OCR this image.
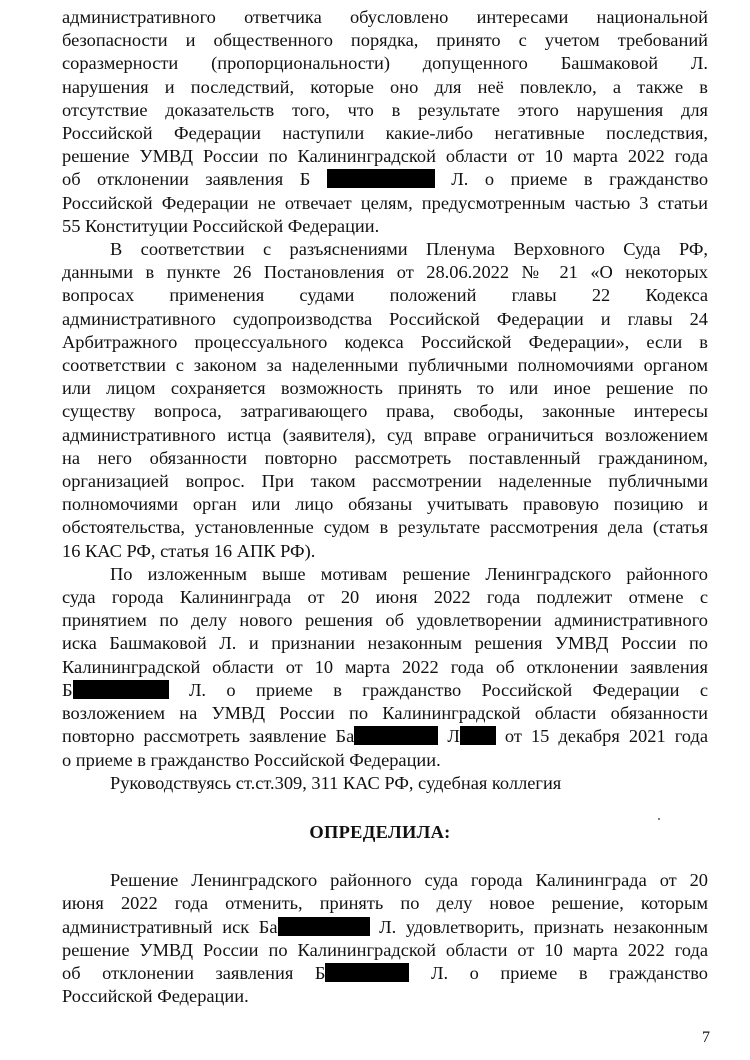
административного ответчика обусловлено интересами национальной
безопасности и общественного порядка, принято с учетом требований
соразмерности (пропорциональности) допущенного Башмаковой Л.
нарушения и последствий, которые оно для неё повлекло, а также в
отсутствие доказательств того, что в результате этого нарушения для
Российской Федерации наступили какие-либо негативные последствия,
решение УМВД России по Калининградской области от 10 марта 2022 года
об отклонении заявления Б	Л. о приеме в гражданство
Российской Федерации не отвечает целям, предусмотренным частью 3 статьи
55 Конституции Российской Федерации.
В соответствии с разъяснениями Пленума Верховного Суда РФ,
данными в пункте 26 Постановления от 28.06.2022 № 21 «О некоторых
вопросах применения судами положений главы 22 Кодекса
административного судопроизводства Российской Федерации и главы 24
Арбитражного процессуального кодекса Российской Федерации», если в
соответствии с законом за наделенными публичными полномочиями органом
или лицом сохраняется возможность принять то или иное решение по
существу вопроса, затрагивающего права, свободы, законные интересы
административного истца (заявителя), суд вправе ограничиться возложением
на него обязанности повторно рассмотреть поставленный гражданином,
организацией вопрос. При таком рассмотрении наделенные публичными
полномочиями орган или лицо обязаны учитывать правовую позицию и
обстоятельства, установленные судом в результате рассмотрения дела (статья
16 КАС РФ, статья 16 АПК РФ).
По изложенным выше мотивам решение Ленинградского районного
суда города Калининграда от 20 июня 2022 года подлежит отмене с
принятием по делу нового решения об удовлетворении административного
иска Башмаковой Л. и признании незаконным решения УМВД России по
Калининградской области от 10 марта 2022 года об отклонении заявления
Б	Л. о приеме в гражданство Российской Федерации с
возложением на УМВД России по Калининградской области обязанности
повторно рассмотреть заявление Ба	Л от 15 декабря 2021 года
о приеме в гражданство Российской Федерации.
Руководствуясь ст.ст.309, 311 КАС РФ, судебная коллегия
ОПРЕДЕЛИЛА:
Решение Ленинградского районного суда города Калининграда от 20
июня 2022 года отменить, принять по делу новое решение, которым
административный иск Ба	Л. удовлетворить, признать незаконным
решение УМВД России по Калининградской области от 10 марта 2022 года
об отклонении заявления Б	Л. о приеме в гражданство
Российской Федерации.
7
